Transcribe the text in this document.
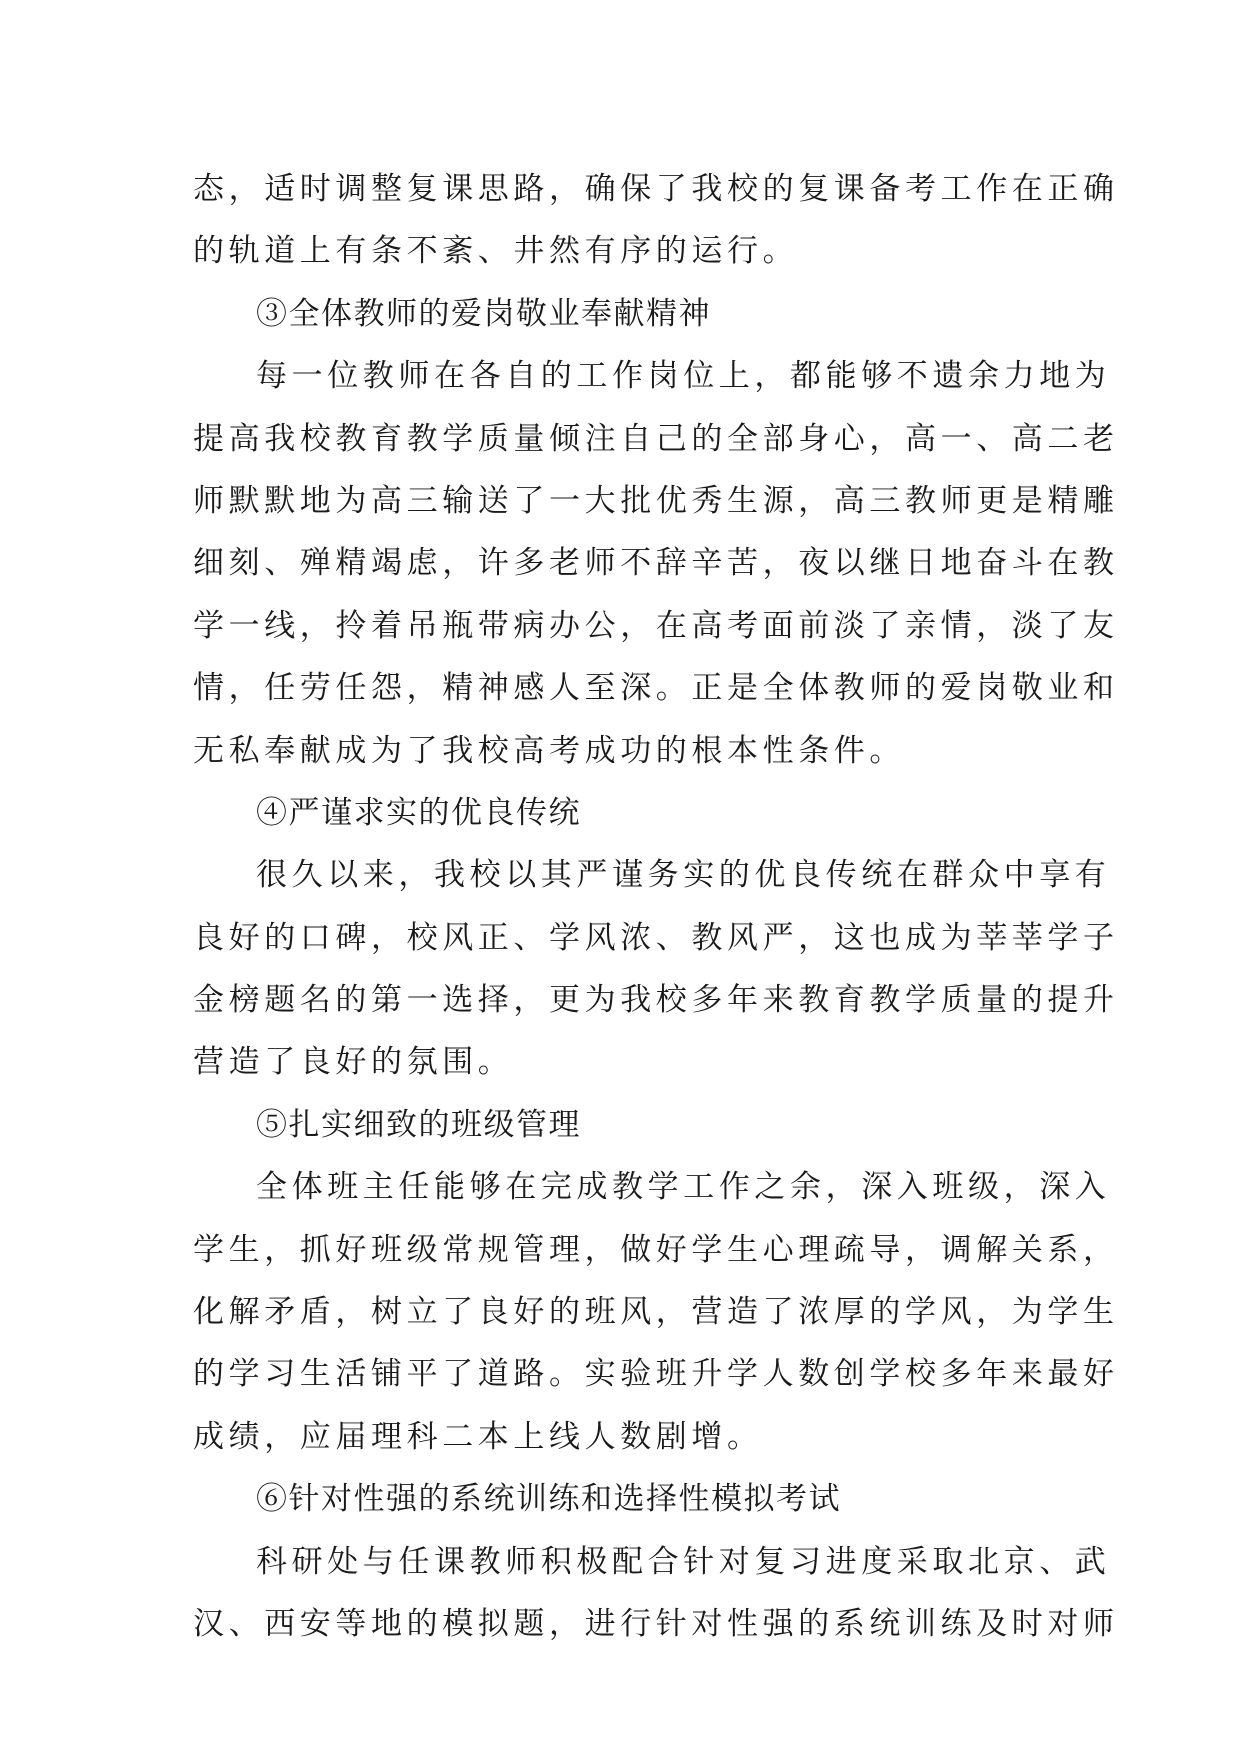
态，适时调整复课思路，确保了我校的复课备考工作在正确
的轨道上有条不紊、井然有序的运行。
③全体教师的爱岗敬业奉献精神
每一位教师在各自的工作岗位上，都能够不遗余力地为
提高我校教育教学质量倾注自己的全部身心，高一、高二老
师默默地为高三输送了一大批优秀生源，高三教师更是精雕
细刻、殚精竭虑，许多老师不辞辛苦，夜以继日地奋斗在教
学一线，拎着吊瓶带病办公，在高考面前淡了亲情，淡了友
情，任劳任怨，精神感人至深。正是全体教师的爱岗敬业和
无私奉献成为了我校高考成功的根本性条件。
④严谨求实的优良传统
很久以来，我校以其严谨务实的优良传统在群众中享有
良好的口碑，校风正、学风浓、教风严，这也成为莘莘学子
金榜题名的第一选择，更为我校多年来教育教学质量的提升
营造了良好的氛围。
⑤扎实细致的班级管理
全体班主任能够在完成教学工作之余，深入班级，深入
学生，抓好班级常规管理，做好学生心理疏导，调解关系，
化解矛盾，树立了良好的班风，营造了浓厚的学风，为学生
的学习生活铺平了道路。实验班升学人数创学校多年来最好
成绩，应届理科二本上线人数剧增。
⑥针对性强的系统训练和选择性模拟考试
科研处与任课教师积极配合针对复习进度采取北京、武
汉、西安等地的模拟题，进行针对性强的系统训练及时对师
